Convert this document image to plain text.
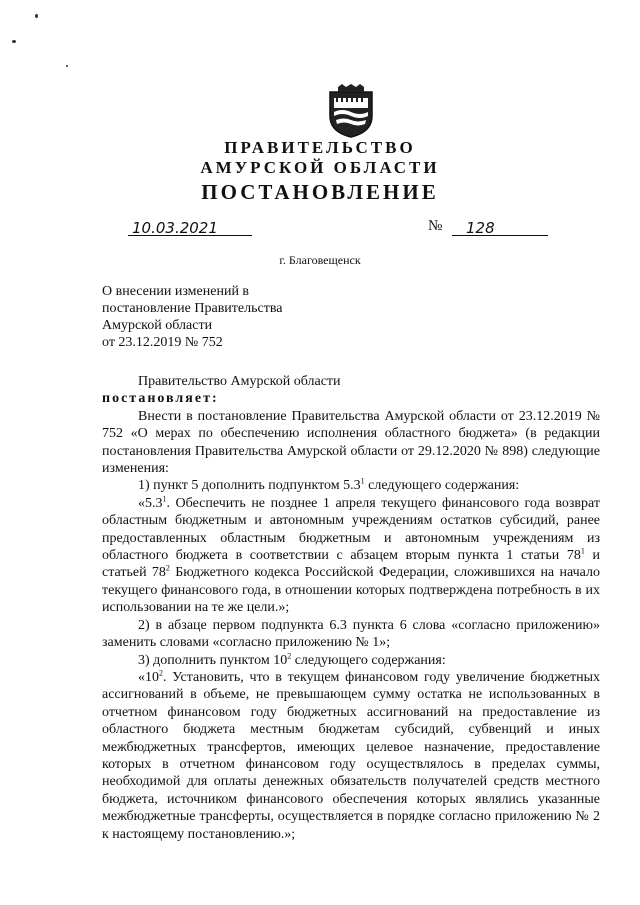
ПРАВИТЕЛЬСТВО
АМУРСКОЙ ОБЛАСТИ
ПОСТАНОВЛЕНИЕ
10.03.2021	№	128
г. Благовещенск
О внесении изменений в
постановление Правительства
Амурской области
от 23.12.2019 № 752

Правительство Амурской области

постановляет:

Внести в постановление Правительства Амурской области от 23.12.2019 № 752 «О мерах по обеспечению исполнения областного бюджета» (в редакции постановления Правительства Амурской области от 29.12.2020 № 898) следующие изменения:

1) пункт 5 дополнить подпунктом $5.3^1$ следующего содержания:

«$5.3^1$. Обеспечить не позднее 1 апреля текущего финансового года возврат областным бюджетным и автономным учреждениям остатков субсидий, ранее предоставленных областным бюджетным и автономным учреждениям из областного бюджета в соответствии с абзацем вторым пункта 1 статьи $78^1$ и статьей $78^2$ Бюджетного кодекса Российской Федерации, сложившихся на начало текущего финансового года, в отношении которых подтверждена потребность в их использовании на те же цели.»;

2) в абзаце первом подпункта 6.3 пункта 6 слова «согласно приложению» заменить словами «согласно приложению № 1»;

3) дополнить пунктом $10^2$ следующего содержания:

«$10^2$. Установить, что в текущем финансовом году увеличение бюджетных ассигнований в объеме, не превышающем сумму остатка не использованных в отчетном финансовом году бюджетных ассигнований на предоставление из областного бюджета местным бюджетам субсидий, субвенций и иных межбюджетных трансфертов, имеющих целевое назначение, предоставление которых в отчетном финансовом году осуществлялось в пределах суммы, необходимой для оплаты денежных обязательств получателей средств местного бюджета, источником финансового обеспечения которых являлись указанные межбюджетные трансферты, осуществляется в порядке согласно приложению № 2 к настоящему постановлению.»;
